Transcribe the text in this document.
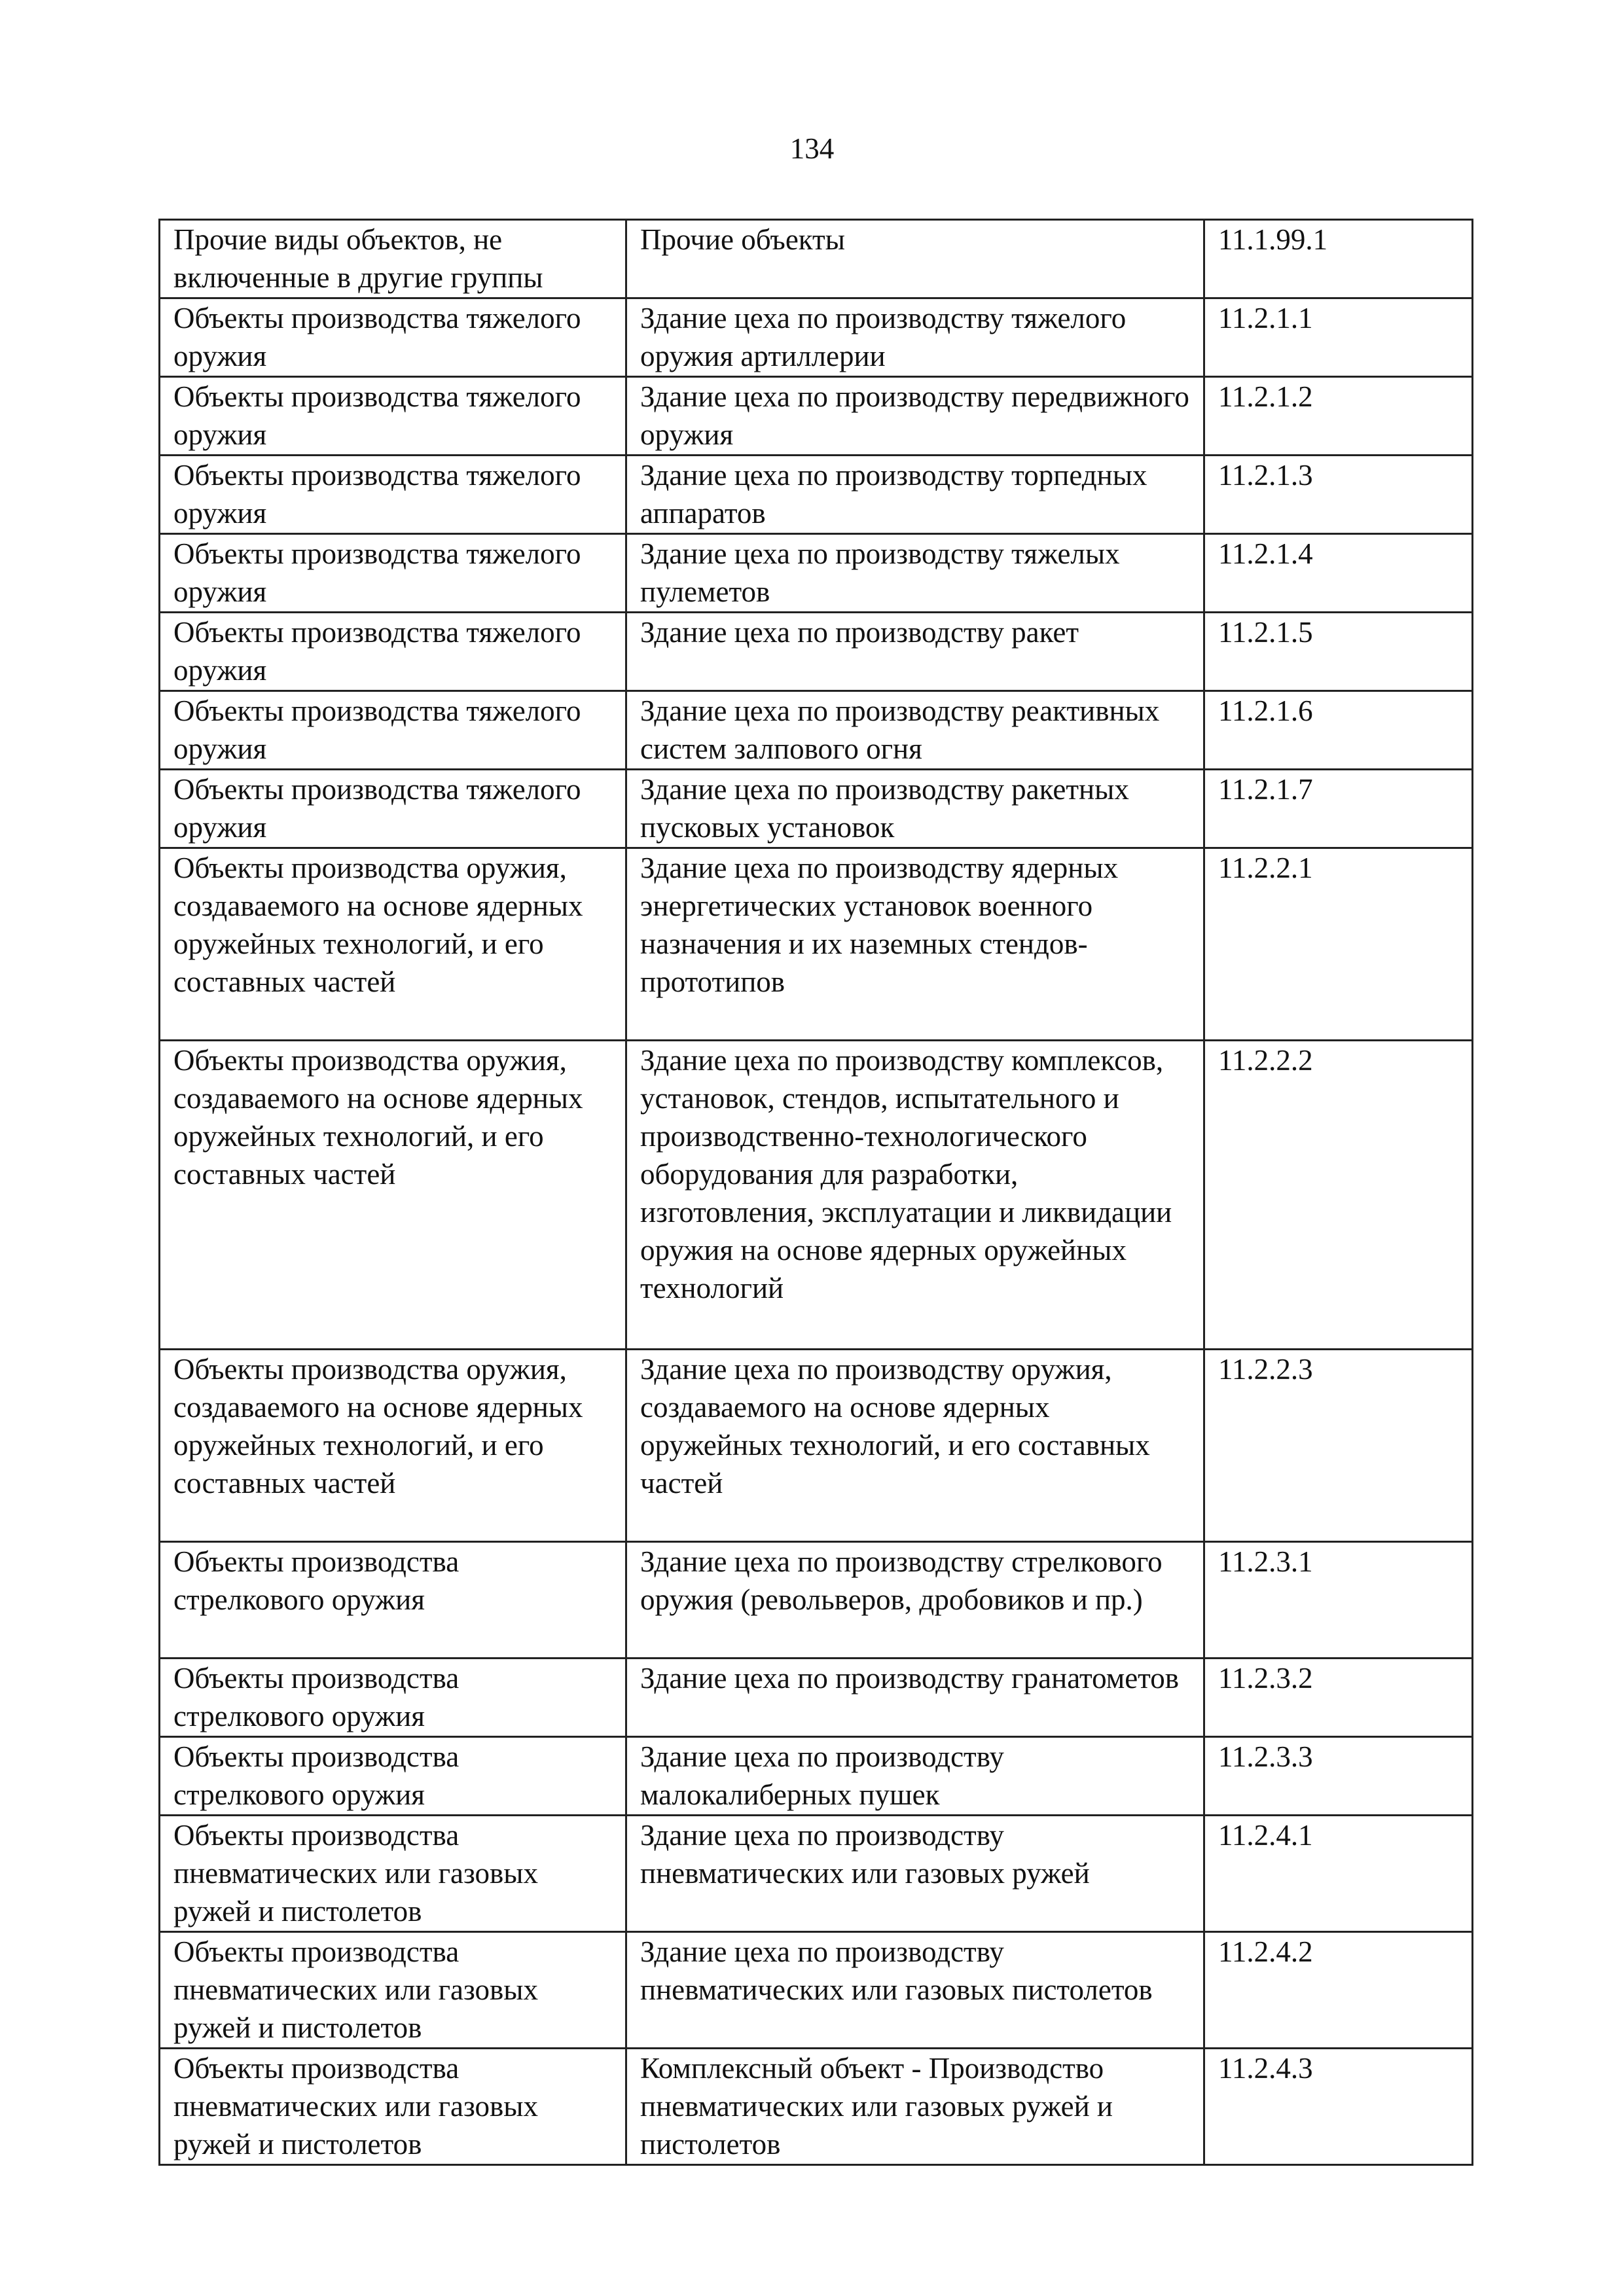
134
Прочие виды объектов, не включенные в другие группы	Прочие объекты	11.1.99.1
Объекты производства тяжелого оружия	Здание цеха по производству тяжелого оружия артиллерии	11.2.1.1
Объекты производства тяжелого оружия	Здание цеха по производству передвижного оружия	11.2.1.2
Объекты производства тяжелого оружия	Здание цеха по производству торпедных аппаратов	11.2.1.3
Объекты производства тяжелого оружия	Здание цеха по производству тяжелых пулеметов	11.2.1.4
Объекты производства тяжелого оружия	Здание цеха по производству ракет	11.2.1.5
Объекты производства тяжелого оружия	Здание цеха по производству реактивных систем залпового огня	11.2.1.6
Объекты производства тяжелого оружия	Здание цеха по производству ракетных пусковых установок	11.2.1.7
Объекты производства оружия, создаваемого на основе ядерных оружейных технологий, и его составных частей	Здание цеха по производству ядерных энергетических установок военного назначения и их наземных стендов-прототипов	11.2.2.1
Объекты производства оружия, создаваемого на основе ядерных оружейных технологий, и его составных частей	Здание цеха по производству комплексов, установок, стендов, испытательного и производственно-технологического оборудования для разработки, изготовления, эксплуатации и ликвидации оружия на основе ядерных оружейных технологий	11.2.2.2
Объекты производства оружия, создаваемого на основе ядерных оружейных технологий, и его составных частей	Здание цеха по производству оружия, создаваемого на основе ядерных оружейных технологий, и его составных частей	11.2.2.3
Объекты производства стрелкового оружия	Здание цеха по производству стрелкового оружия (револьверов, дробовиков и пр.)	11.2.3.1
Объекты производства стрелкового оружия	Здание цеха по производству гранатометов	11.2.3.2
Объекты производства стрелкового оружия	Здание цеха по производству малокалиберных пушек	11.2.3.3
Объекты производства пневматических или газовых ружей и пистолетов	Здание цеха по производству пневматических или газовых ружей	11.2.4.1
Объекты производства пневматических или газовых ружей и пистолетов	Здание цеха по производству пневматических или газовых пистолетов	11.2.4.2
Объекты производства пневматических или газовых ружей и пистолетов	Комплексный объект - Производство пневматических или газовых ружей и пистолетов	11.2.4.3
